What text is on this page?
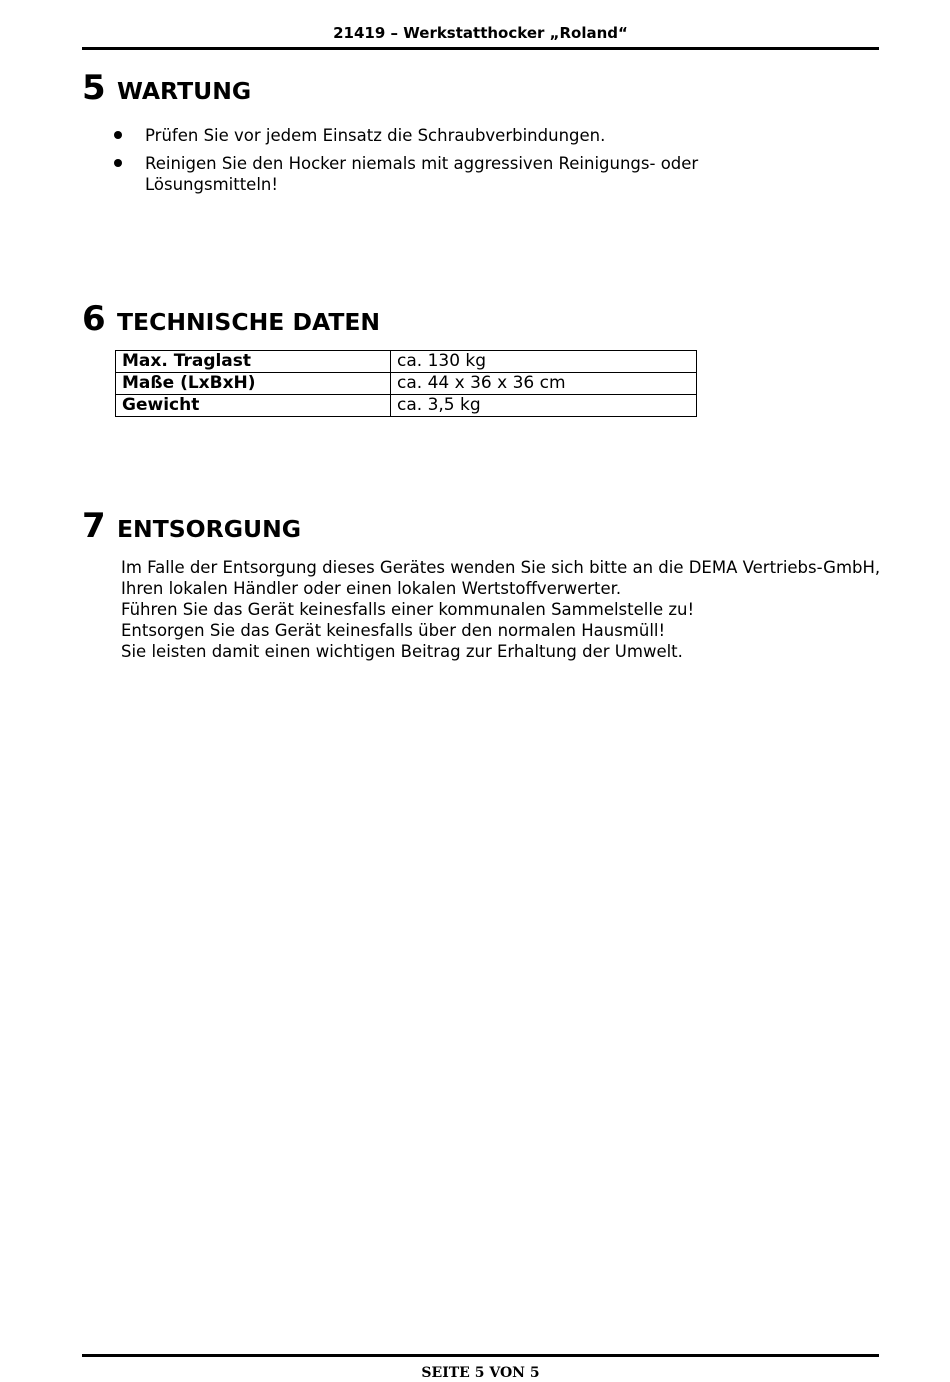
21419 – Werkstatthocker „Roland“
5 WARTUNG
Prüfen Sie vor jedem Einsatz die Schraubverbindungen.
Reinigen Sie den Hocker niemals mit aggressiven Reinigungs- oder Lösungsmitteln!
6 TECHNISCHE DATEN
Max. Traglast	ca. 130 kg
Maße (LxBxH)	ca. 44 x 36 x 36 cm
Gewicht	ca. 3,5 kg
7 ENTSORGUNG

Im Falle der Entsorgung dieses Gerätes wenden Sie sich bitte an die DEMA Vertriebs-GmbH, Ihren lokalen Händler oder einen lokalen Wertstoffverwerter.

Führen Sie das Gerät keinesfalls einer kommunalen Sammelstelle zu!

Entsorgen Sie das Gerät keinesfalls über den normalen Hausmüll!

Sie leisten damit einen wichtigen Beitrag zur Erhaltung der Umwelt.

SEITE 5 VON 5
